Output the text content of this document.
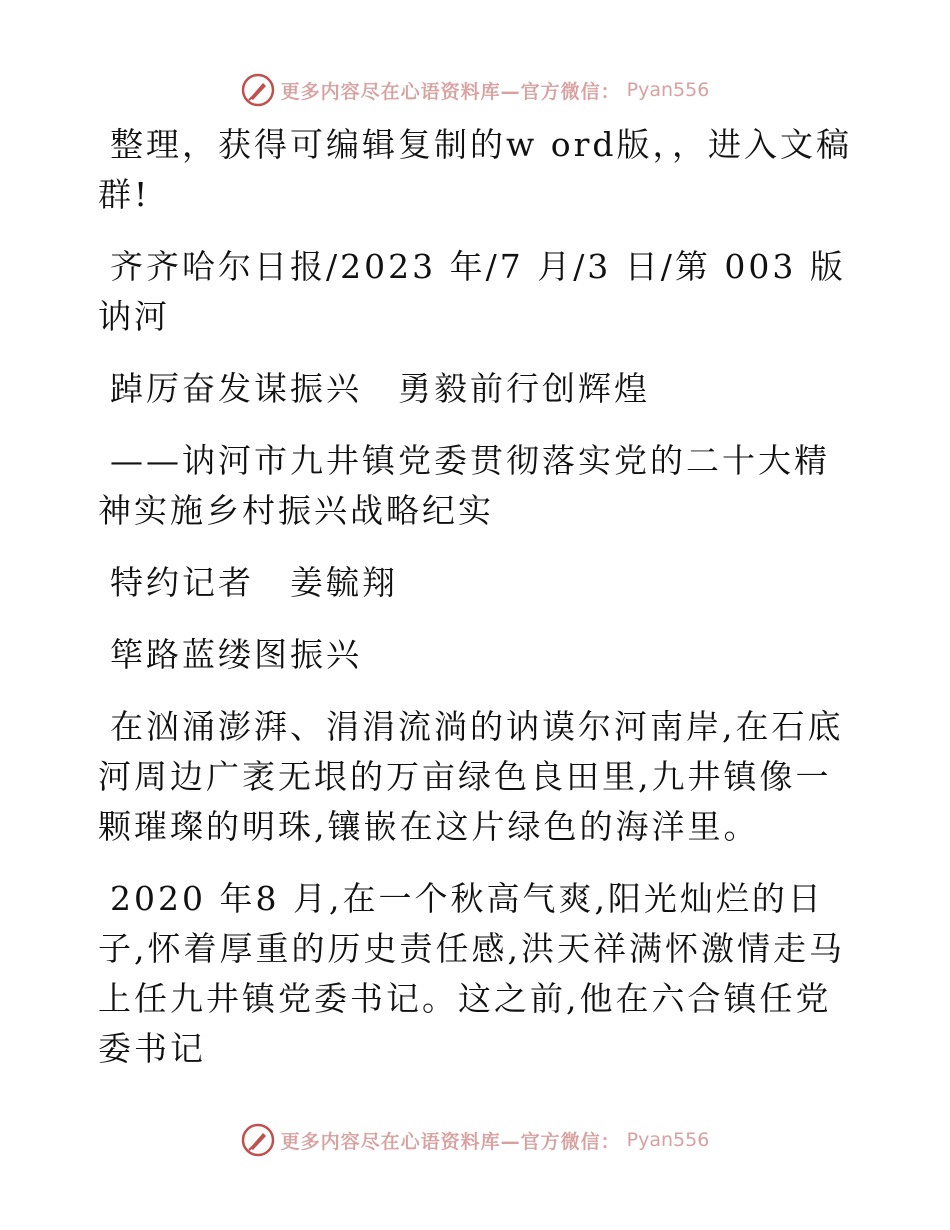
更多内容尽在心语资料库—官方微信： Pyan556

整理，获得可编辑复制的w ord版，，进入文稿群!

齐齐哈尔日报/2023 年/7 月/3 日/第 003 版讷河

踔厉奋发谋振兴　勇毅前行创辉煌

——讷河市九井镇党委贯彻落实党的二十大精神实施乡村振兴战略纪实

特约记者　姜毓翔

筚路蓝缕图振兴

在汹涌澎湃、涓涓流淌的讷谟尔河南岸,在石底河周边广袤无垠的万亩绿色良田里,九井镇像一颗璀璨的明珠,镶嵌在这片绿色的海洋里。

2020 年8 月,在一个秋高气爽,阳光灿烂的日子,怀着厚重的历史责任感,洪天祥满怀激情走马上任九井镇党委书记。这之前,他在六合镇任党委书记

更多内容尽在心语资料库—官方微信： Pyan556
